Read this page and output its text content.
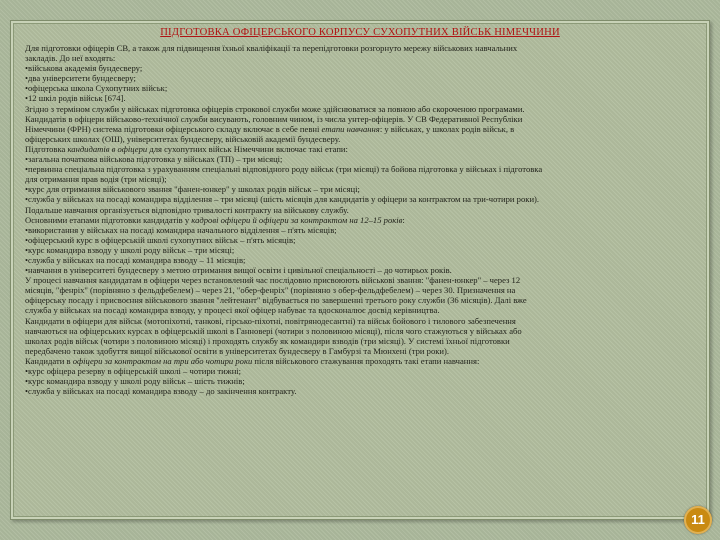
ПІДГОТОВКА ОФІЦЕРСЬКОГО КОРПУСУ СУХОПУТНИХ ВІЙСЬК НІМЕЧЧИНИ

Для підготовки офіцерів СВ, а також для підвищення їхньої кваліфікації та перепідготовки розгорнуто мережу військових навчальних

закладів. До неї входять:

•військова академія бундесверу;

•два університети бундесверу;

•офіцерська школа Сухопутних військ;

•12 шкіл родів військ [674].

Згідно з терміном служби у військах підготовка офіцерів строкової служби може здійснюватися за повною або скороченою програмами.

Кандидатів в офіцери військово-технічної служби висувають, головним чином, із числа унтер-офіцерів. У СВ Федеративної Республіки

Німеччини (ФРН) система підготовки офіцерського складу включає в себе певні етапи навчання: у військах, у школах родів військ, в

офіцерських школах (ОШ), університетах бундесверу, військовій академії бундесверу.

Підготовка кандидатів в офіцери для сухопутних військ Німеччини включає такі етапи:

•загальна початкова військова підготовка у військах (ТП) – три місяці;

•первинна спеціальна підготовка з урахуванням спеціальні відповідного роду військ (три місяці) та бойова підготовка у військах і підготовка

для отримання прав водія (три місяці);

•курс для отримання військового звання "фанен-юнкер" у школах родів військ – три місяці;

•служба у військах на посаді командира відділення – три місяці (шість місяців для кандидатів у офіцери за контрактом на три-чотири роки).

Подальше навчання організується відповідно тривалості контракту на військову службу.

Основними етапами підготовки кандидатів у кадрові офіцери й офіцери за контрактом на 12–15 років:

•використання у військах на посаді командира начального відділення – п'ять місяців;

•офіцерський курс в офіцерській школі сухопутних військ – п'ять місяців;

•курс командира взводу у школі роду військ – три місяці;

•служба у військах на посаді командира взводу – 11 місяців;

•навчання в університеті бундесверу з метою отримання вищої освіти і цивільної спеціальності – до чотирьох років.

У процесі навчання кандидатам в офіцери через встановлений час послідовно присвоюють військові звання: "фанен-юнкер" – через 12

місяців, "фенріх" (порівняно з фельдфебелем) – через 21, "обер-фенріх" (порівняно з обер-фельдфебелем) – через 30. Призначення на

офіцерську посаду і присвоєння військового звання "лейтенант" відбувається по завершенні третього року служби (36 місяців). Далі вже

служба у військах на посаді командира взводу, у процесі якої офіцер набуває та вдосконалює досвід керівництва.

Кандидати в офіцери для військ (мотопіхотні, танкові, гірсько-піхотні, повітрянодесантні) та військ бойового і тилового забезпечення

навчаються на офіцерських курсах в офіцерській школі в Ганновері (чотири з половиною місяці), після чого стажуються у військах або

школах родів військ (чотири з половиною місяці) і проходять службу як командири взводів (три місяці). У системі їхньої підготовки

передбачено також здобуття вищої військової освіти в університетах бундесверу в Гамбурзі та Мюнхені (три роки).

Кандидати в офіцери за контрактом на три або чотири роки після військового стажування проходять такі етапи навчання:

•курс офіцера резерву в офіцерській школі – чотири тижні;

•курс командира взводу у школі роду військ – шість тижнів;

•служба у військах на посаді командира взводу – до закінчення контракту.

11
